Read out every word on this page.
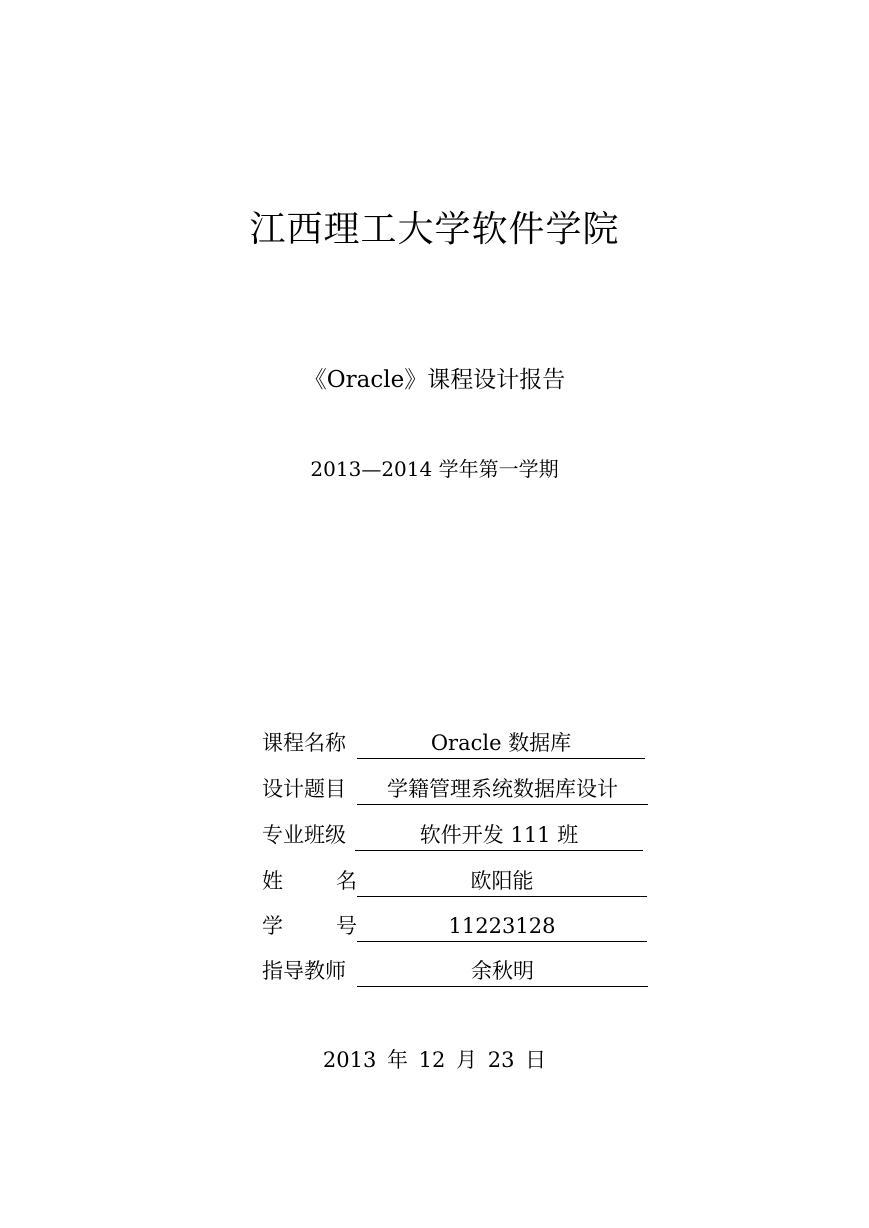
江西理工大学软件学院
《Oracle》课程设计报告
2013—2014 学年第一学期
课程名称	Oracle 数据库
设计题目	学籍管理系统数据库设计
专业班级	软件开发 111 班
姓　　名	欧阳能
学　　号	11223128
指导教师	余秋明
2013 年 12 月 23 日
